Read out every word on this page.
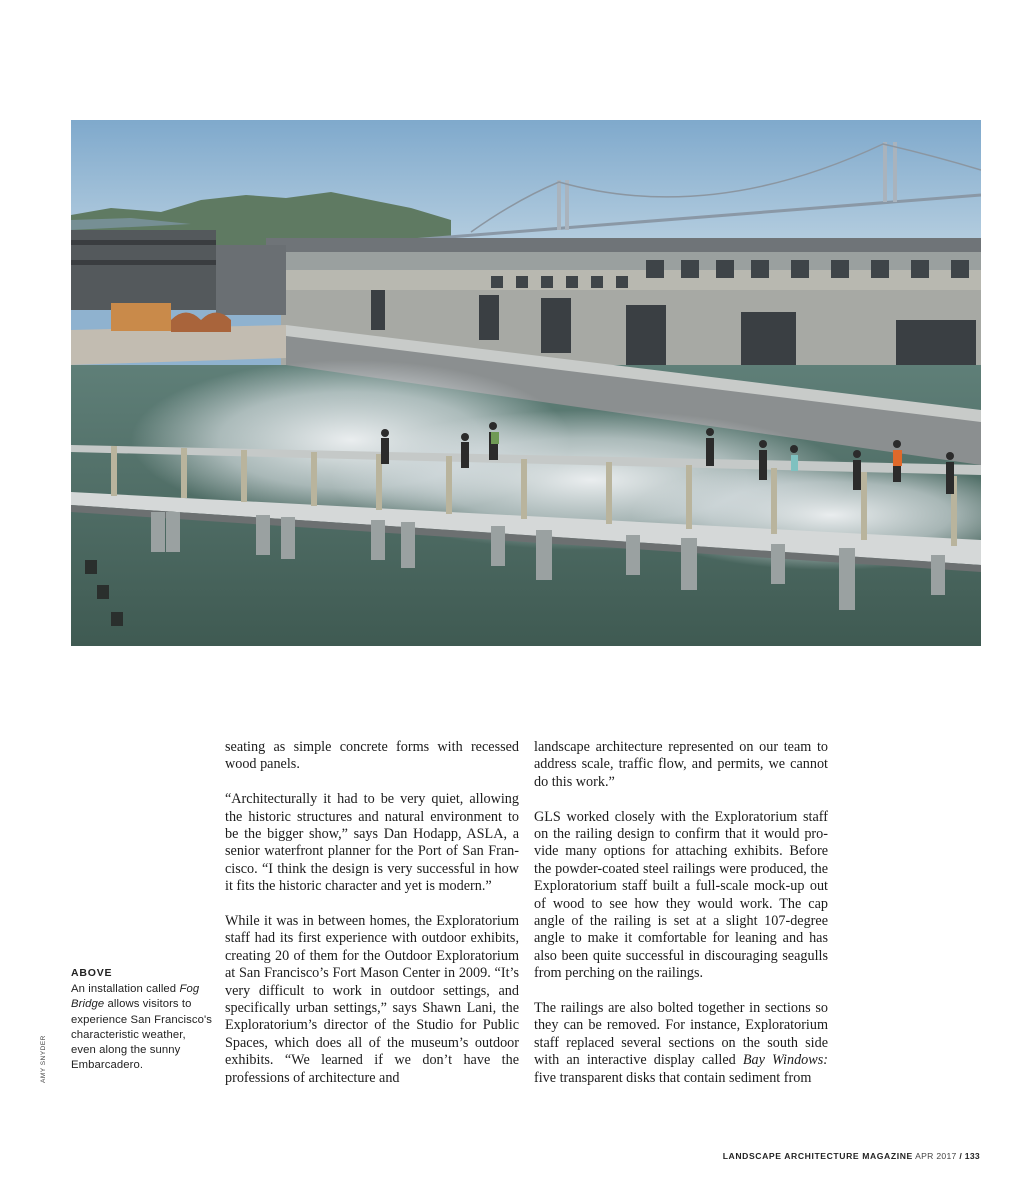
ABOVE
An installation called Fog Bridge allows visitors to experience San Francisco's characteristic weather, even along the sunny Embarcadero.
AMY SNYDER

seating as simple concrete forms with recessed wood panels.

“Architecturally it had to be very quiet, allowing the historic structures and natural environment to be the bigger show,” says Dan Hodapp, ASLA, a senior waterfront planner for the Port of San Francisco. “I think the design is very successful in how it fits the historic character and yet is modern.”

While it was in between homes, the Exploratorium staff had its first experience with outdoor exhibits, creating 20 of them for the Outdoor Exploratorium at San Francisco’s Fort Mason Center in 2009. “It’s very difficult to work in outdoor settings, and specifically urban settings,” says Shawn Lani, the Exploratorium’s director of the Studio for Public Spaces, which does all of the museum’s outdoor exhibits. “We learned if we don’t have the professions of architecture and

landscape architecture represented on our team to address scale, traffic flow, and permits, we cannot do this work.”

GLS worked closely with the Exploratorium staff on the railing design to confirm that it would provide many options for attaching exhibits. Before the powder-coated steel railings were produced, the Exploratorium staff built a full-scale mock-up out of wood to see how they would work. The cap angle of the railing is set at a slight 107-degree angle to make it comfortable for leaning and has also been quite successful in discouraging seagulls from perching on the railings.

The railings are also bolted together in sections so they can be removed. For instance, Exploratorium staff replaced several sections on the south side with an interactive display called Bay Windows: five transparent disks that contain sediment from

LANDSCAPE ARCHITECTURE MAGAZINE APR 2017 / 133
